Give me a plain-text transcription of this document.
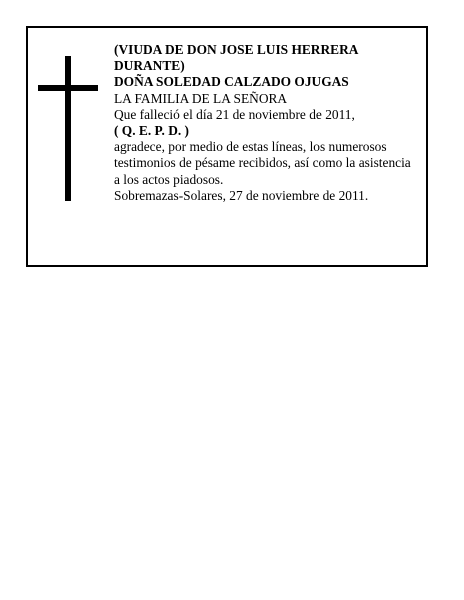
(VIUDA DE DON JOSE LUIS HERRERA
DURANTE)
DOÑA SOLEDAD CALZADO OJUGAS
LA FAMILIA DE LA SEÑORA
Que falleció el día 21 de noviembre de 2011,
( Q. E. P. D. )
agradece, por medio de estas líneas, los numerosos
testimonios de pésame recibidos, así como la asistencia
a los actos piadosos.
Sobremazas-Solares, 27 de noviembre de 2011.
